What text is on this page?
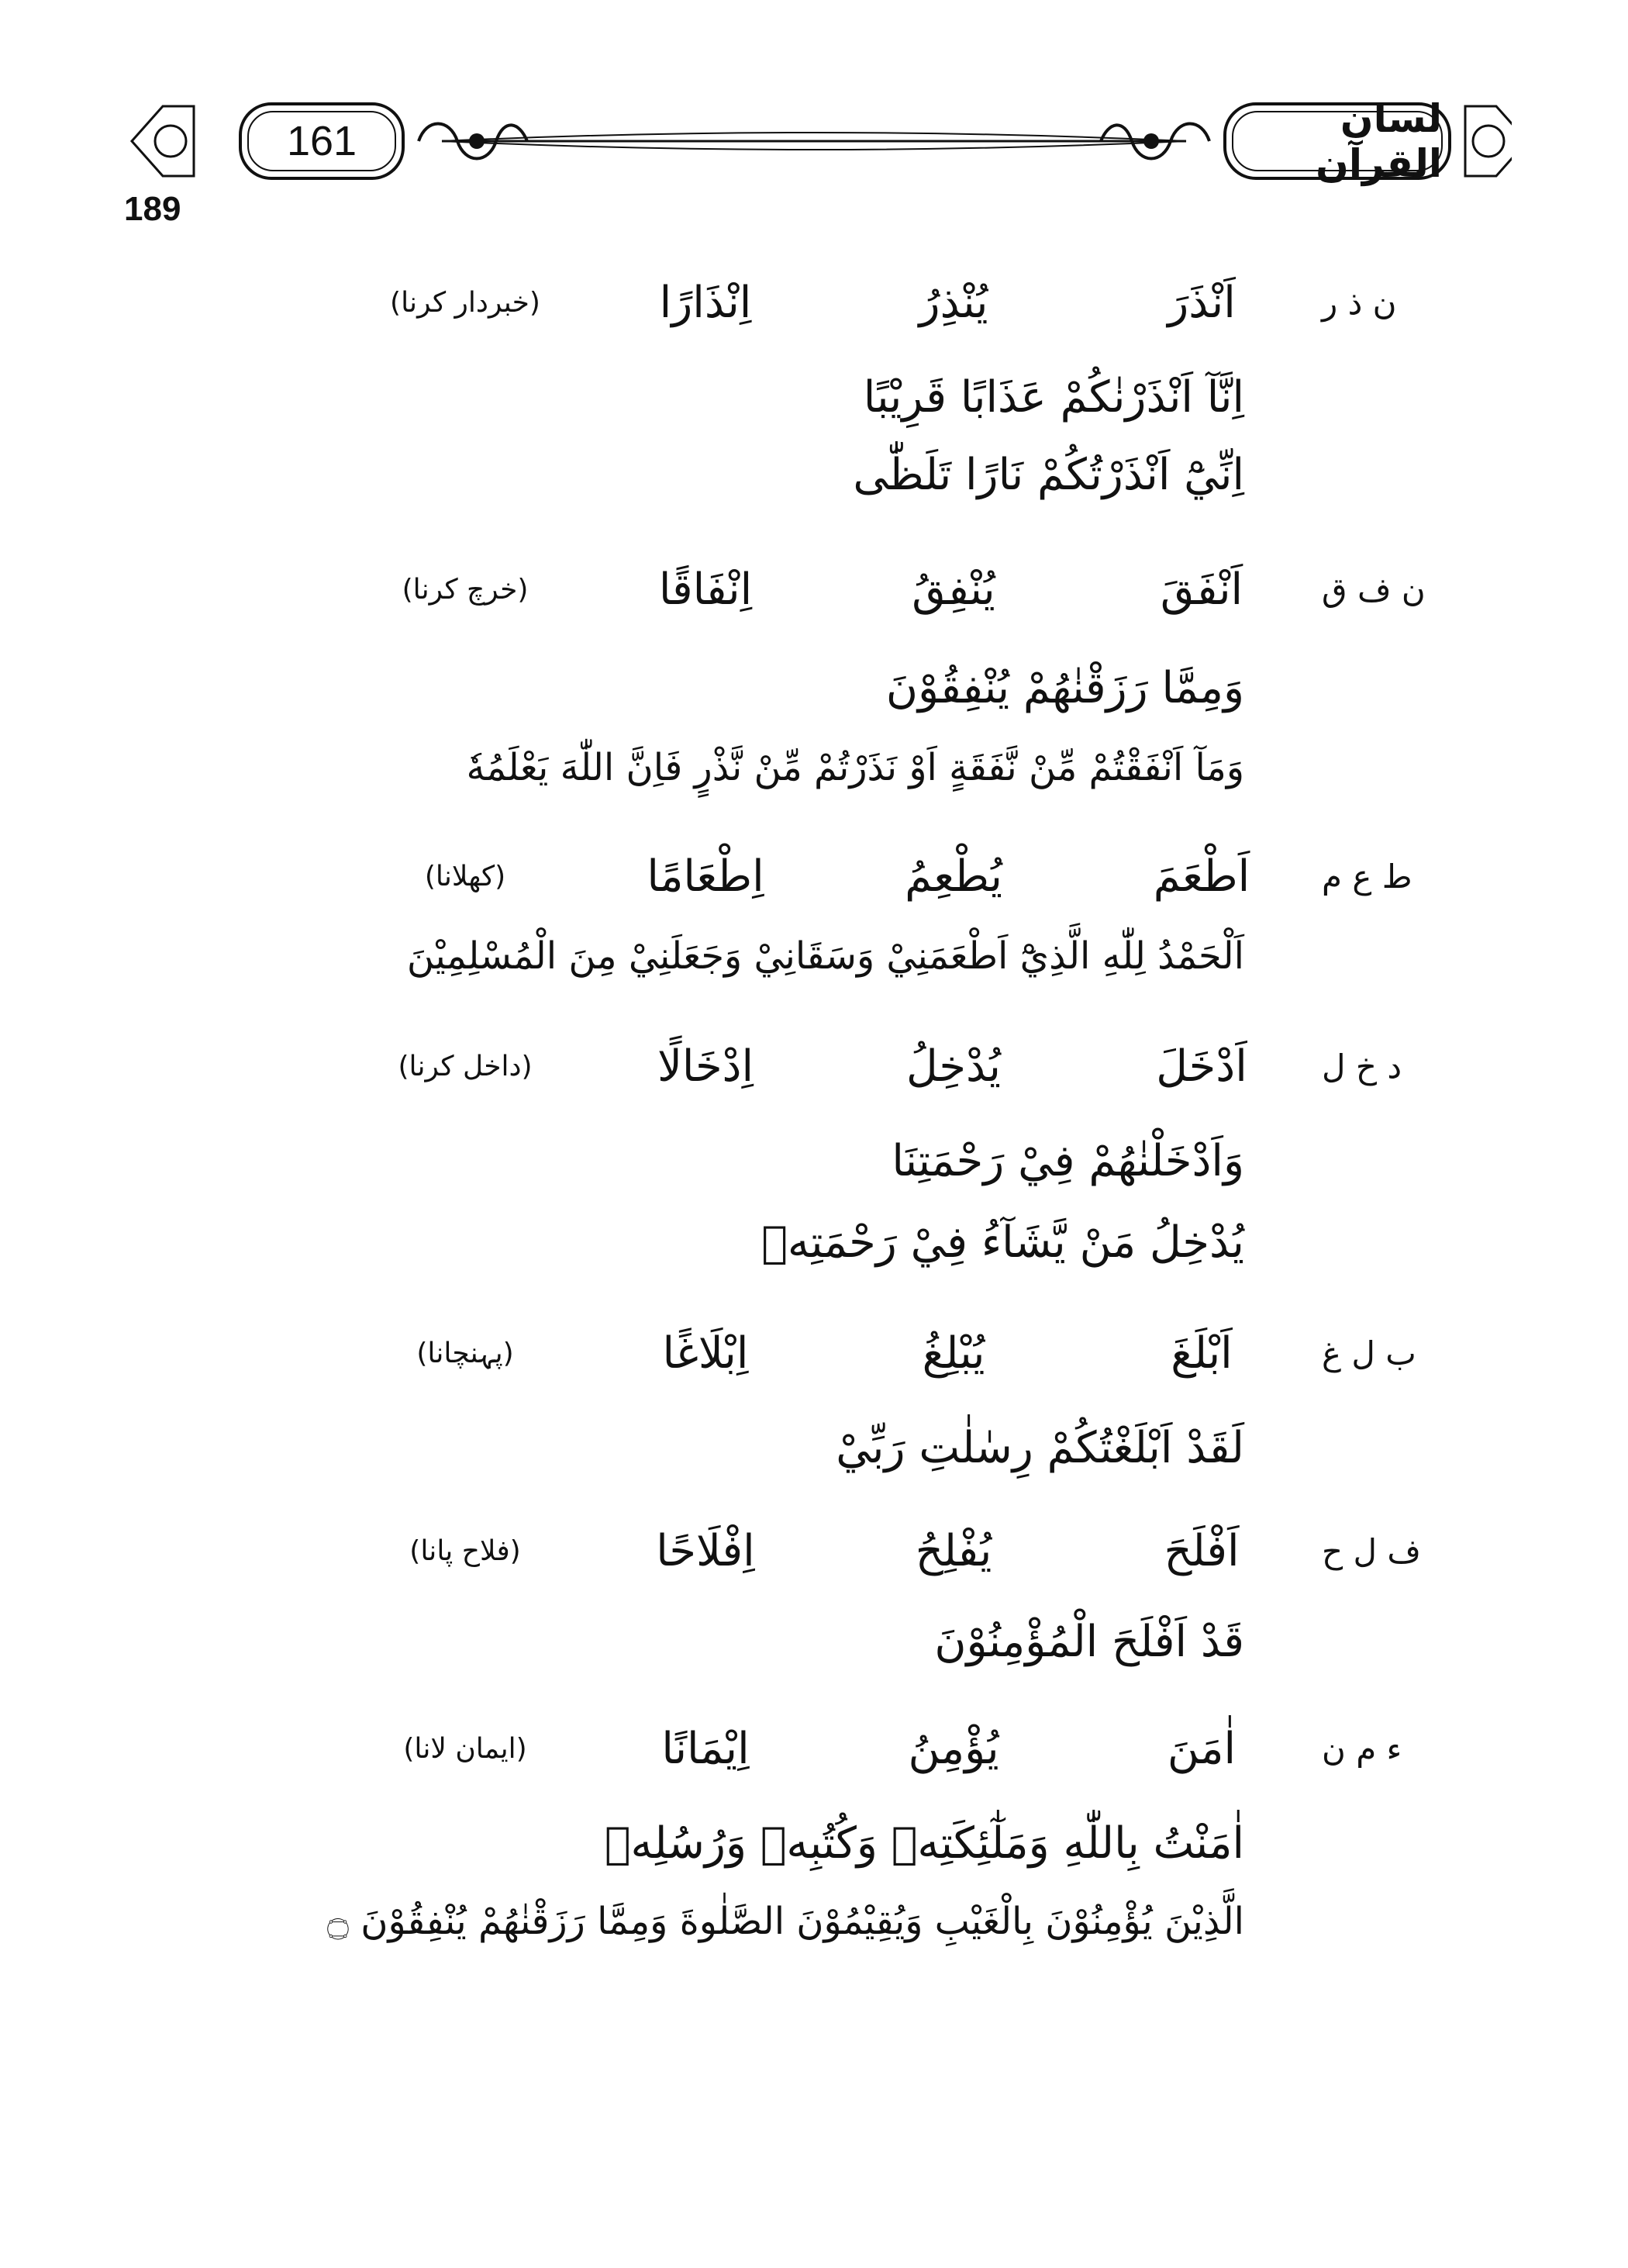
161	لسان القرآن
189
ن ذ ر
اَنْذَرَ
يُنْذِرُ
اِنْذَارًا
(خبردار کرنا)
اِنَّآ اَنْذَرْنٰكُمْ عَذَابًا قَرِيْبًا
اِنِّيْٓ اَنْذَرْتُكُمْ نَارًا تَلَظّٰى
ن ف ق
اَنْفَقَ
يُنْفِقُ
اِنْفَاقًا
(خرچ کرنا)
وَمِمَّا رَزَقْنٰهُمْ يُنْفِقُوْنَ
وَمَآ اَنْفَقْتُمْ مِّنْ نَّفَقَةٍ اَوْ نَذَرْتُمْ مِّنْ نَّذْرٍ فَاِنَّ اللّٰهَ يَعْلَمُهٗ
ط ع م
اَطْعَمَ
يُطْعِمُ
اِطْعَامًا
(کھلانا)
اَلْحَمْدُ لِلّٰهِ الَّذِيْٓ اَطْعَمَنِيْ وَسَقَانِيْ وَجَعَلَنِيْ مِنَ الْمُسْلِمِيْنَ
د خ ل
اَدْخَلَ
يُدْخِلُ
اِدْخَالًا
(داخل کرنا)
وَاَدْخَلْنٰهُمْ فِيْ رَحْمَتِنَا
يُدْخِلُ مَنْ يَّشَآءُ فِيْ رَحْمَتِهٖ
ب ل غ
اَبْلَغَ
يُبْلِغُ
اِبْلَاغًا
(پہنچانا)
لَقَدْ اَبْلَغْتُكُمْ رِسٰلٰتِ رَبِّيْ
ف ل ح
اَفْلَحَ
يُفْلِحُ
اِفْلَاحًا
(فلاح پانا)
قَدْ اَفْلَحَ الْمُؤْمِنُوْنَ
ء م ن
اٰمَنَ
يُؤْمِنُ
اِيْمَانًا
(ایمان لانا)
اٰمَنْتُ بِاللّٰهِ وَمَلٰٓئِكَتِهٖ وَكُتُبِهٖ وَرُسُلِهٖ
الَّذِيْنَ يُؤْمِنُوْنَ بِالْغَيْبِ وَيُقِيْمُوْنَ الصَّلٰوةَ وَمِمَّا رَزَقْنٰهُمْ يُنْفِقُوْنَ ۝
